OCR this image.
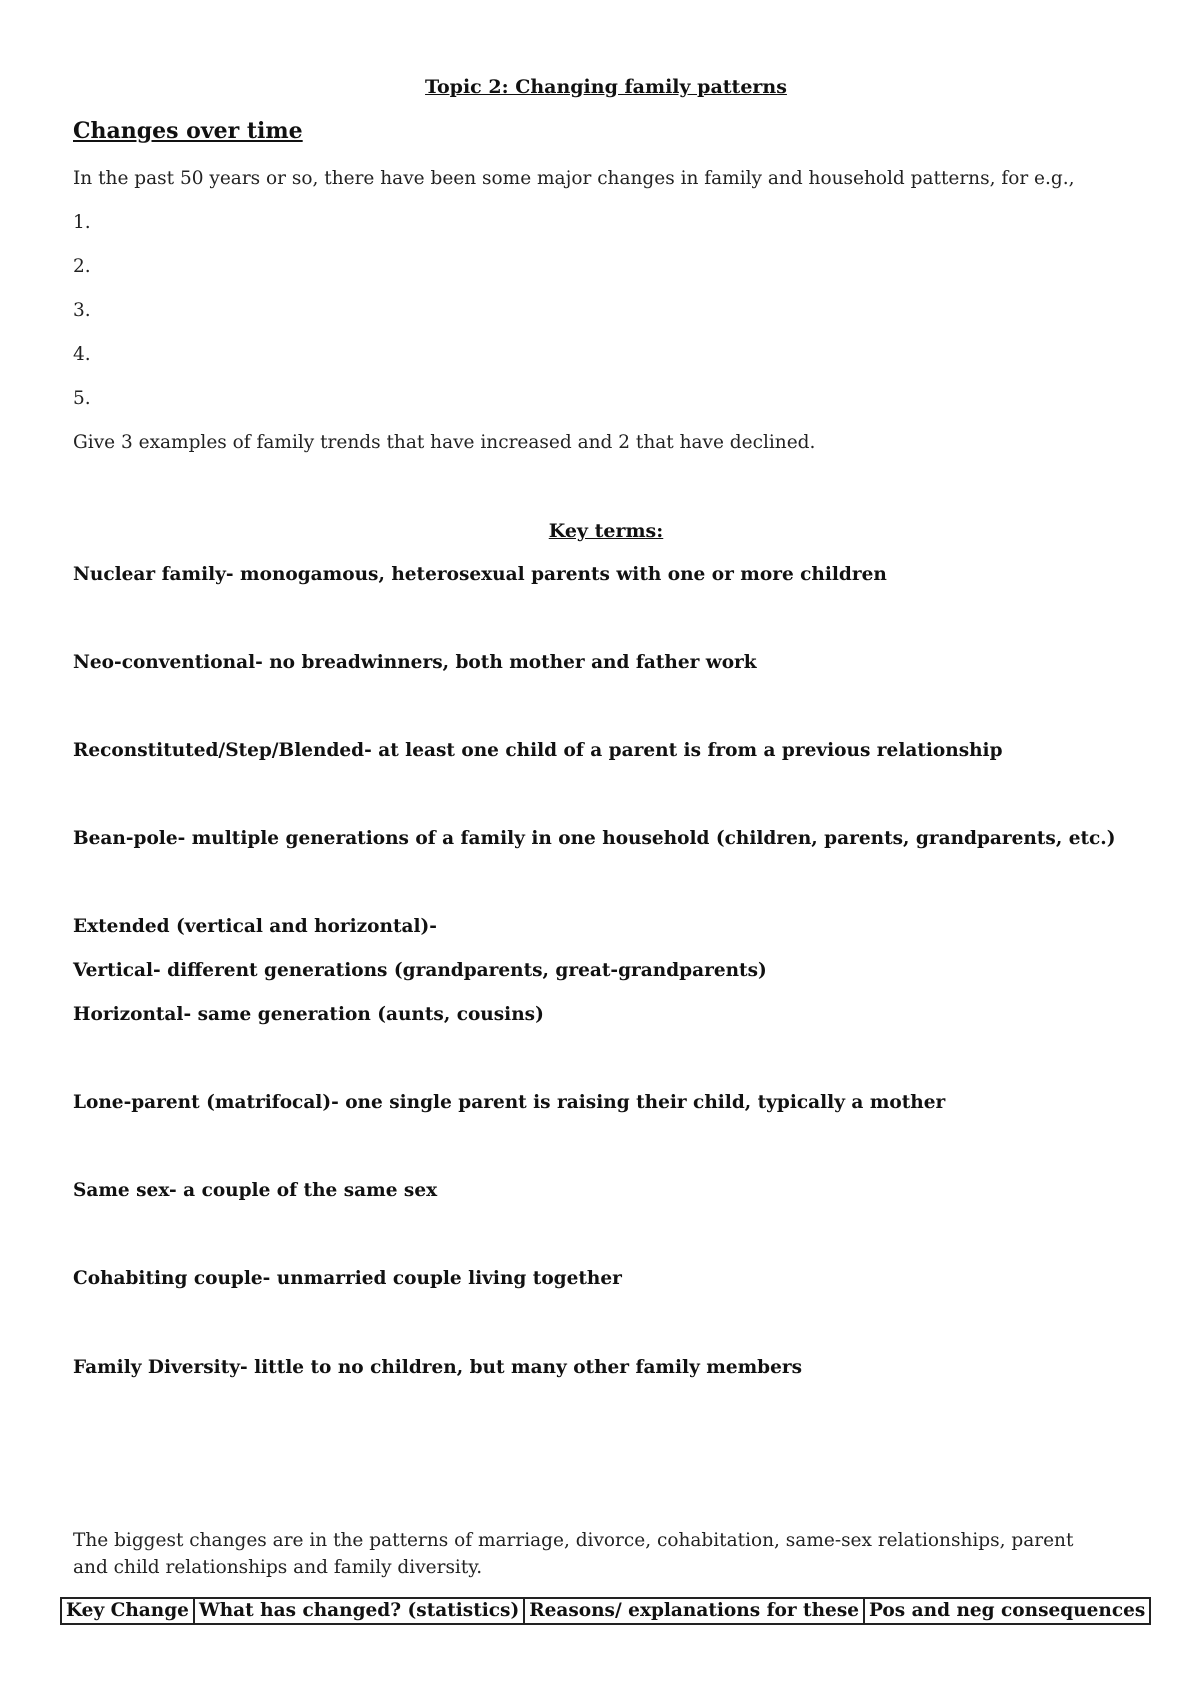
Topic 2: Changing family patterns
Changes over time
In the past 50 years or so, there have been some major changes in family and household patterns, for e.g.,
1.
2.
3.
4.
5.
Give 3 examples of family trends that have increased and 2 that have declined.
Key terms:
Nuclear family- monogamous, heterosexual parents with one or more children
Neo-conventional- no breadwinners, both mother and father work
Reconstituted/Step/Blended- at least one child of a parent is from a previous relationship
Bean-pole- multiple generations of a family in one household (children, parents, grandparents, etc.)
Extended (vertical and horizontal)-
Vertical- different generations (grandparents, great-grandparents)
Horizontal- same generation (aunts, cousins)
Lone-parent (matrifocal)- one single parent is raising their child, typically a mother
Same sex- a couple of the same sex
Cohabiting couple- unmarried couple living together
Family Diversity- little to no children, but many other family members
The biggest changes are in the patterns of marriage, divorce, cohabitation, same-sex relationships, parent and child relationships and family diversity.
Key Change	What has changed? (statistics)	Reasons/ explanations for these	Pos and neg consequences
